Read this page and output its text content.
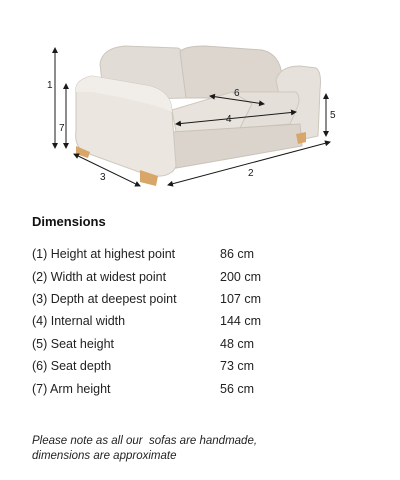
1
2
3
4	5
6
7
Dimensions
(1) Height at highest point	86 cm
(2) Width at widest point	200 cm
(3) Depth at deepest point	107 cm
(4) Internal width	144 cm
(5) Seat height	48 cm
(6) Seat depth	73 cm
(7) Arm height	56 cm
Please note as all our  sofas are handmade,
dimensions are approximate
